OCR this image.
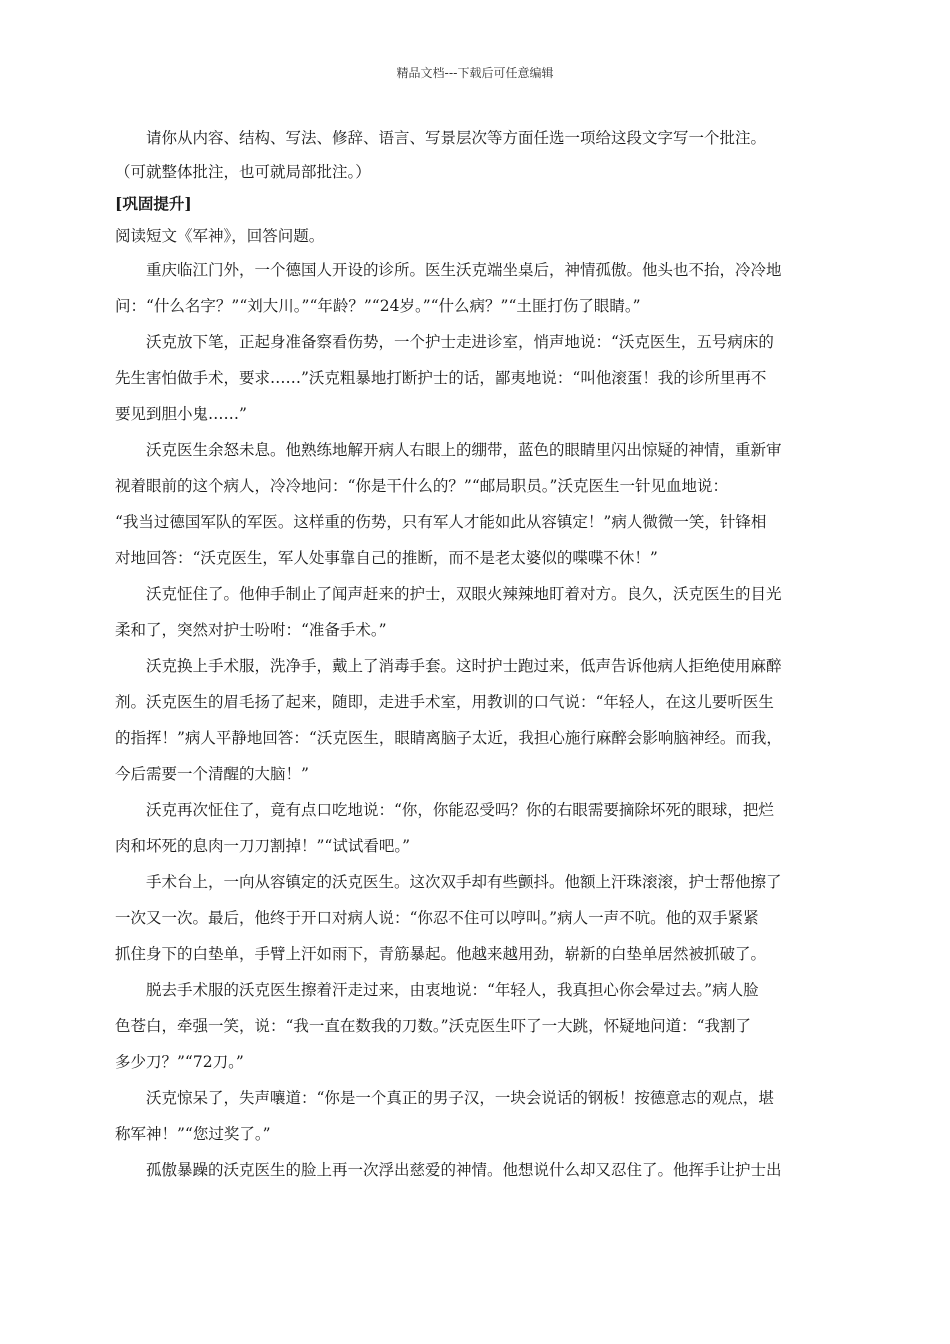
精品文档---下载后可任意编辑
请你从内容、结构、写法、修辞、语言、写景层次等方面任选一项给这段文字写一个批注。
（可就整体批注，也可就局部批注。）
[巩固提升]
阅读短文《军神》，回答问题。
重庆临江门外，一个德国人开设的诊所。医生沃克端坐桌后，神情孤傲。他头也不抬，冷冷地
问：“什么名字？”“刘大川。”“年龄？”“24岁。”“什么病？”“土匪打伤了眼睛。”
沃克放下笔，正起身准备察看伤势，一个护士走进诊室，悄声地说：“沃克医生，五号病床的
先生害怕做手术，要求……”沃克粗暴地打断护士的话，鄙夷地说：“叫他滚蛋！我的诊所里再不
要见到胆小鬼……”
沃克医生余怒未息。他熟练地解开病人右眼上的绷带，蓝色的眼睛里闪出惊疑的神情，重新审
视着眼前的这个病人，冷冷地问：“你是干什么的？”“邮局职员。”沃克医生一针见血地说：
“我当过德国军队的军医。这样重的伤势，只有军人才能如此从容镇定！”病人微微一笑，针锋相
对地回答：“沃克医生，军人处事靠自己的推断，而不是老太婆似的喋喋不休！”
沃克怔住了。他伸手制止了闻声赶来的护士，双眼火辣辣地盯着对方。良久，沃克医生的目光
柔和了，突然对护士吩咐：“准备手术。”
沃克换上手术服，洗净手，戴上了消毒手套。这时护士跑过来，低声告诉他病人拒绝使用麻醉
剂。沃克医生的眉毛扬了起来，随即，走进手术室，用教训的口气说：“年轻人，在这儿要听医生
的指挥！”病人平静地回答：“沃克医生，眼睛离脑子太近，我担心施行麻醉会影响脑神经。而我，
今后需要一个清醒的大脑！”
沃克再次怔住了，竟有点口吃地说：“你，你能忍受吗？你的右眼需要摘除坏死的眼球，把烂
肉和坏死的息肉一刀刀割掉！”“试试看吧。”
手术台上，一向从容镇定的沃克医生。这次双手却有些颤抖。他额上汗珠滚滚，护士帮他擦了
一次又一次。最后，他终于开口对病人说：“你忍不住可以哼叫。”病人一声不吭。他的双手紧紧
抓住身下的白垫单，手臂上汗如雨下，青筋暴起。他越来越用劲，崭新的白垫单居然被抓破了。
脱去手术服的沃克医生擦着汗走过来，由衷地说：“年轻人，我真担心你会晕过去。”病人脸
色苍白，牵强一笑，说：“我一直在数我的刀数。”沃克医生吓了一大跳，怀疑地问道：“我割了
多少刀？”“72刀。”
沃克惊呆了，失声嚷道：“你是一个真正的男子汉，一块会说话的钢板！按德意志的观点，堪
称军神！”“您过奖了。”
孤傲暴躁的沃克医生的脸上再一次浮出慈爱的神情。他想说什么却又忍住了。他挥手让护士出
